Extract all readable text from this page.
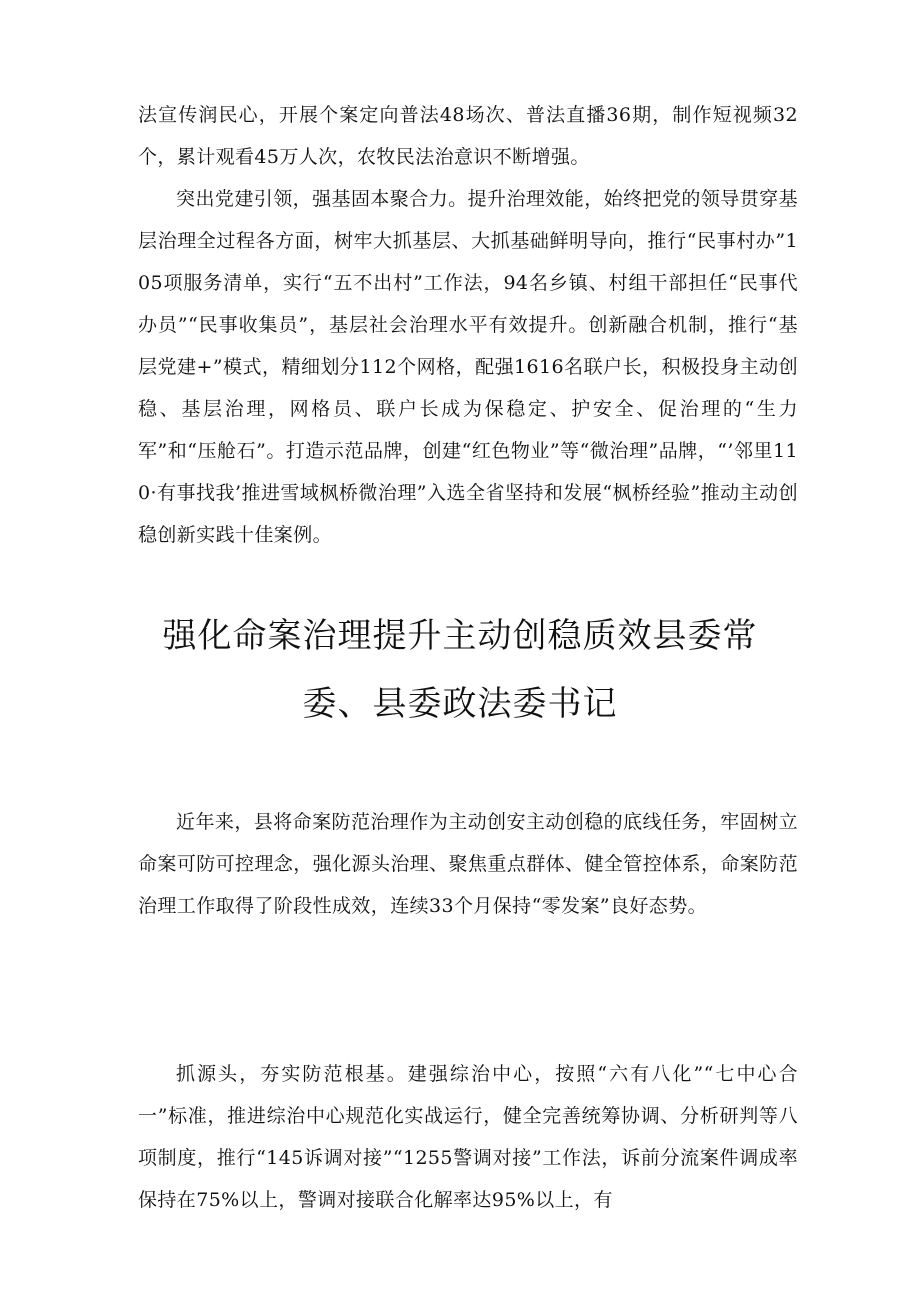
法宣传润民心，开展个案定向普法48场次、普法直播36期，制作短视频32个，累计观看45万人次，农牧民法治意识不断增强。

突出党建引领，强基固本聚合力。提升治理效能，始终把党的领导贯穿基层治理全过程各方面，树牢大抓基层、大抓基础鲜明导向，推行“民事村办”105项服务清单，实行“五不出村”工作法，94名乡镇、村组干部担任“民事代办员”“民事收集员”，基层社会治理水平有效提升。创新融合机制，推行“基层党建+”模式，精细划分112个网格，配强1616名联户长，积极投身主动创稳、基层治理，网格员、联户长成为保稳定、护安全、促治理的“生力军”和“压舱石”。打造示范品牌，创建“红色物业”等“微治理”品牌，“’邻里110·有事找我’推进雪域枫桥微治理”入选全省坚持和发展“枫桥经验”推动主动创稳创新实践十佳案例。

强化命案治理提升主动创稳质效县委常
委、县委政法委书记

近年来，县将命案防范治理作为主动创安主动创稳的底线任务，牢固树立命案可防可控理念，强化源头治理、聚焦重点群体、健全管控体系，命案防范治理工作取得了阶段性成效，连续33个月保持“零发案”良好态势。

抓源头，夯实防范根基。建强综治中心，按照“六有八化”“七中心合一”标准，推进综治中心规范化实战运行，健全完善统筹协调、分析研判等八项制度，推行“145诉调对接”“1255警调对接”工作法，诉前分流案件调成率保持在75%以上，警调对接联合化解率达95%以上，有
